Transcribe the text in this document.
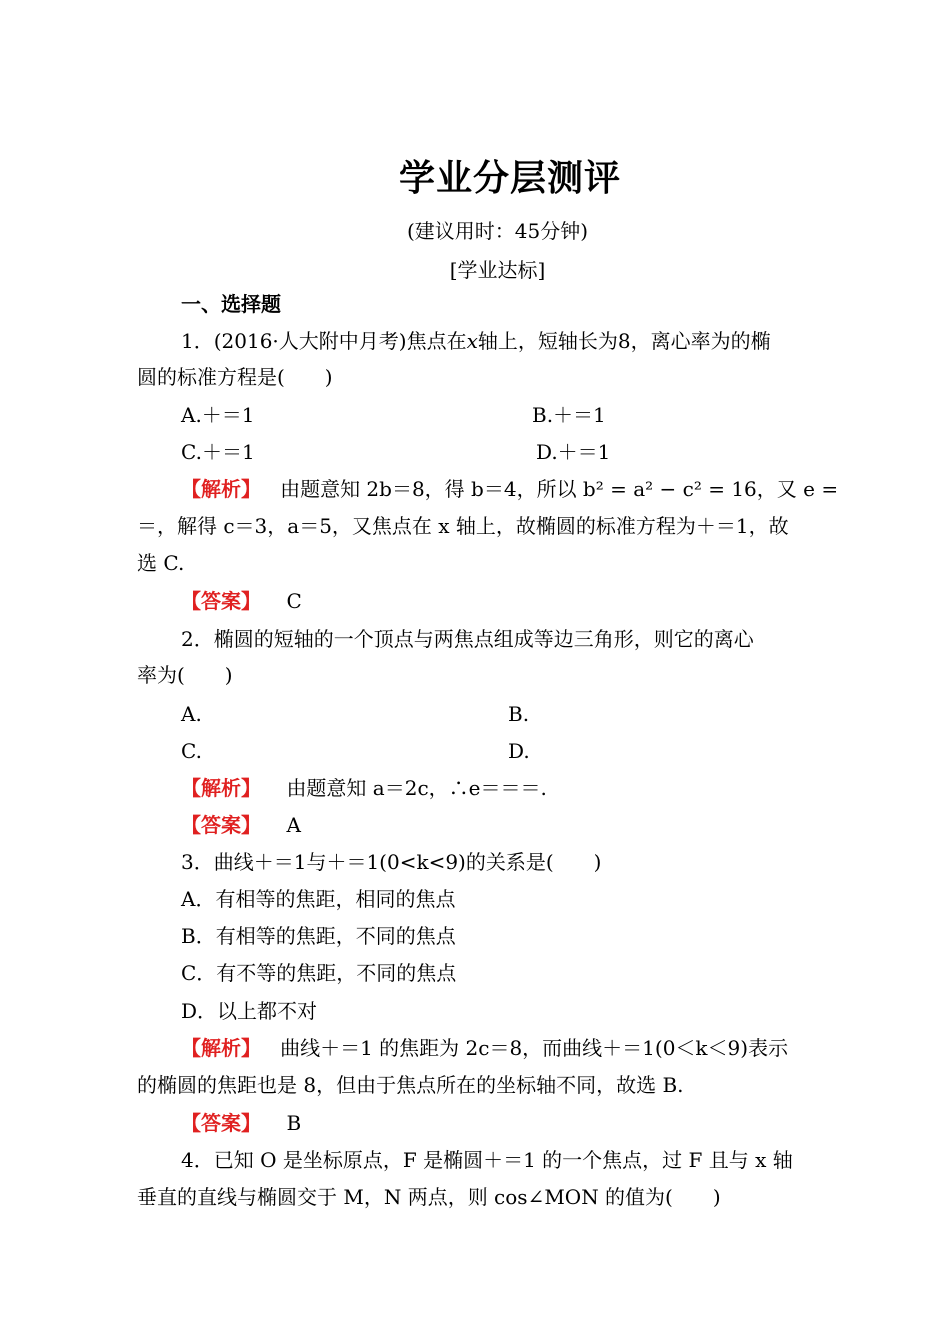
学业分层测评
(建议用时：45分钟)
[学业达标]
一、选择题
1．(2016·人大附中月考)焦点在x轴上，短轴长为8，离心率为的椭
圆的标准方程是(　　)
A.＋＝1	B.＋＝1
C.＋＝1	D.＋＝1
【解析】 由题意知 2b＝8，得 b＝4，所以 b² = a² − c² = 16，又 e =
＝，解得 c＝3，a＝5，又焦点在 x 轴上，故椭圆的标准方程为＋＝1，故
选 C.
【答案】 C
2．椭圆的短轴的一个顶点与两焦点组成等边三角形，则它的离心
率为(　　)
A.	B.
C.	D.
【解析】 由题意知 a＝2c，∴e＝＝＝.
【答案】 A
3．曲线＋＝1与＋＝1(0<k<9)的关系是(　　)
A．有相等的焦距，相同的焦点
B．有相等的焦距，不同的焦点
C．有不等的焦距，不同的焦点
D．以上都不对
【解析】 曲线＋＝1 的焦距为 2c＝8，而曲线＋＝1(0＜k＜9)表示
的椭圆的焦距也是 8，但由于焦点所在的坐标轴不同，故选 B.
【答案】 B
4．已知 O 是坐标原点，F 是椭圆＋＝1 的一个焦点，过 F 且与 x 轴
垂直的直线与椭圆交于 M，N 两点，则 cos∠MON 的值为(　　)
